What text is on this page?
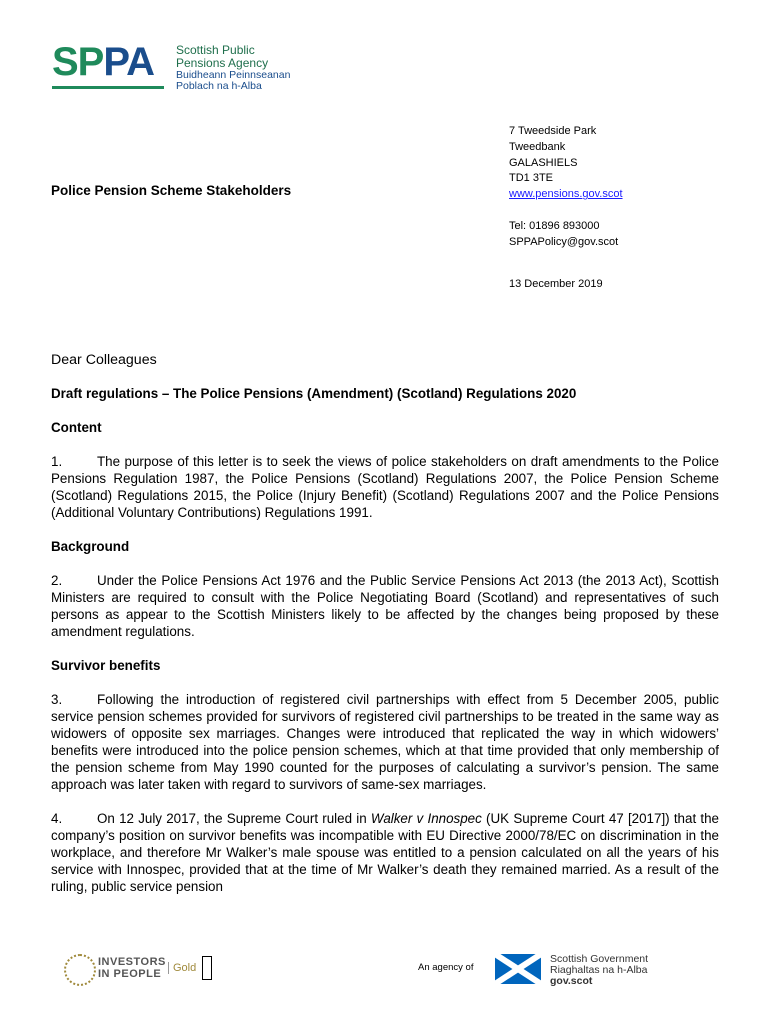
SPPA Scottish Public
Pensions Agency
Buidheann Peinnseanan
Poblach na h-Alba
7 Tweedside Park
Tweedbank
GALASHIELS
TD1 3TE
www.pensions.gov.scot
Tel: 01896 893000
SPPAPolicy@gov.scot
13 December 2019
Police Pension Scheme Stakeholders
Dear Colleagues
Draft regulations – The Police Pensions (Amendment) (Scotland) Regulations 2020
Content

1.	The purpose of this letter is to seek the views of police stakeholders on draft amendments to the Police Pensions Regulation 1987, the Police Pensions (Scotland) Regulations 2007, the Police Pension Scheme (Scotland) Regulations 2015, the Police (Injury Benefit) (Scotland) Regulations 2007 and the Police Pensions (Additional Voluntary Contributions) Regulations 1991.

Background

2.	Under the Police Pensions Act 1976 and the Public Service Pensions Act 2013 (the 2013 Act), Scottish Ministers are required to consult with the Police Negotiating Board (Scotland) and representatives of such persons as appear to the Scottish Ministers likely to be affected by the changes being proposed by these amendment regulations.

Survivor benefits

3.	Following the introduction of registered civil partnerships with effect from 5 December 2005, public service pension schemes provided for survivors of registered civil partnerships to be treated in the same way as widowers of opposite sex marriages. Changes were introduced that replicated the way in which widowers’ benefits were introduced into the police pension schemes, which at that time provided that only membership of the pension scheme from May 1990 counted for the purposes of calculating a survivor’s pension. The same approach was later taken with regard to survivors of same-sex marriages.

4.	On 12 July 2017, the Supreme Court ruled in Walker v Innospec (UK Supreme Court 47 [2017]) that the company’s position on survivor benefits was incompatible with EU Directive 2000/78/EC on discrimination in the workplace, and therefore Mr Walker’s male spouse was entitled to a pension calculated on all the years of his service with Innospec, provided that at the time of Mr Walker’s death they remained married. As a result of the ruling, public service pension

INVESTORS
IN PEOPLE	Gold	An agency of
Scottish Government
Riaghaltas na h-Alba
gov.scot
